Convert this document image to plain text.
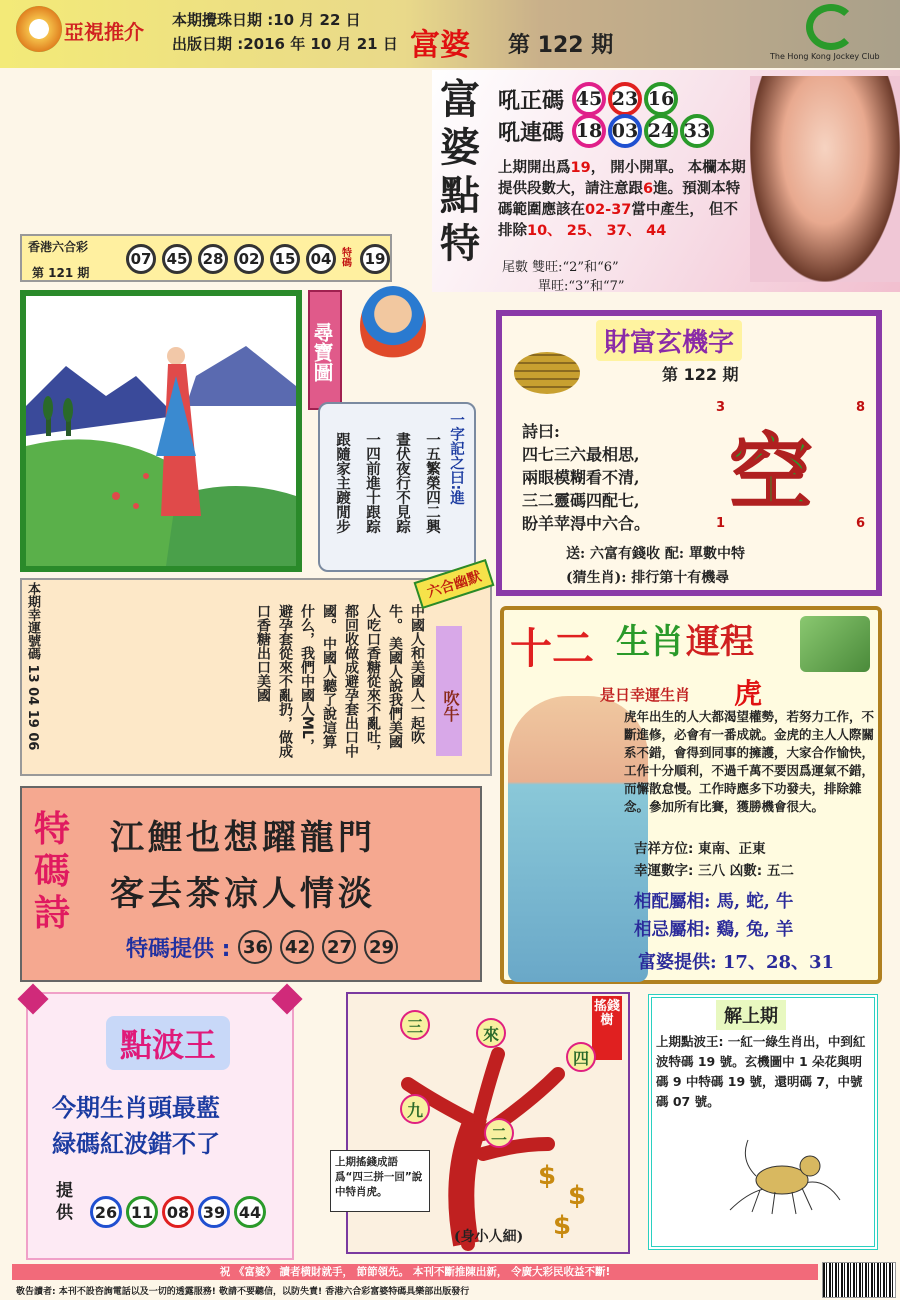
亞視推介 本期攪珠日期 :10 月 22 日
出版日期 :2016 年 10 月 21 日 富婆 第 122 期	The Hong Kong Jockey Club
富
婆
點
特
吼正碼 45 23 16
吼連碼 18 03 24 33
上期開出爲19， 開小開單。 本欄本期提供段數大，請注意跟6進。預測本特碼範圍應該在02-37當中產生， 但不排除10、 25、 37、 44
尾數 雙旺:“2”和“6”
單旺:“3”和“7”
香港六合彩
第 121 期
07	45	28	02	15	04	特碼 19
尋寶圖
一字記之曰:進
一五繁榮四二興
晝伏夜行不見踪
一四前進十跟踪
跟隨家主踱閒步
財富玄機字
第 122 期
3	8
1	6
詩曰:
四七三六最相思,
兩眼模糊看不清,
三二靈碼四配七,
盼羊苹淂中六合。
空
送: 六富有錢收 配: 單數中特
(猜生肖): 排行第十有機尋
本期幸運號碼 13 04 19 06	中國人和美國人一起吹
牛。 美國人說我們美國
人吃口香糖從來不亂吐，
都回收做成避孕套出口中
國。 中國人聽了說這算
什么，我們中國人ML，
避孕套從來不亂扔，做成
口香糖出口美國
六合幽默
吹牛
特碼詩
江鯉也想躍龍門
客去茶凉人情淡
特碼提供 : 36 42 27 29
十二 生肖 運程
是日幸運生肖 虎
虎年出生的人大都渴望權勢，若努力工作，不斷進修，必會有一番成就。金虎的主人人際關系不錯，會得到同事的擁護，大家合作愉快，工作十分順利，不過千萬不要因爲運氣不錯，而懈散怠慢。工作時應多下功發夫，排除雜念。參加所有比賽，獲勝機會很大。
吉祥方位: 東南、正東
幸運數字: 三八 凶數: 五二
相配屬相: 馬, 蛇, 牛
相忌屬相: 鷄, 兔, 羊
富婆提供: 17、28、31
點波王
今期生肖頭最藍
緑碼紅波錯不了
提供	26 11 08 39 44
$
$
$
搖錢樹
三	來
四
九
二
上期搖錢成語爲“四三拼一回”說中特肖虎。
(身小人細)
解上期
上期點波王: 一紅一綠生肖出，中到紅波特碼 19 號。玄機圖中 1 朵花與明碼 9 中特碼 19 號，還明碼 7，中號碼 07 號。
祝 《富婆》 讀者横財就手， 節節領先。 本刊不斷推陳出新， 令廣大彩民收益不斷!
敬告讀者: 本刊不設咨詢電話以及一切的透露服務! 敬請不要聽信，以防失責! 香港六合彩富婆特碼具樂部出版發行
